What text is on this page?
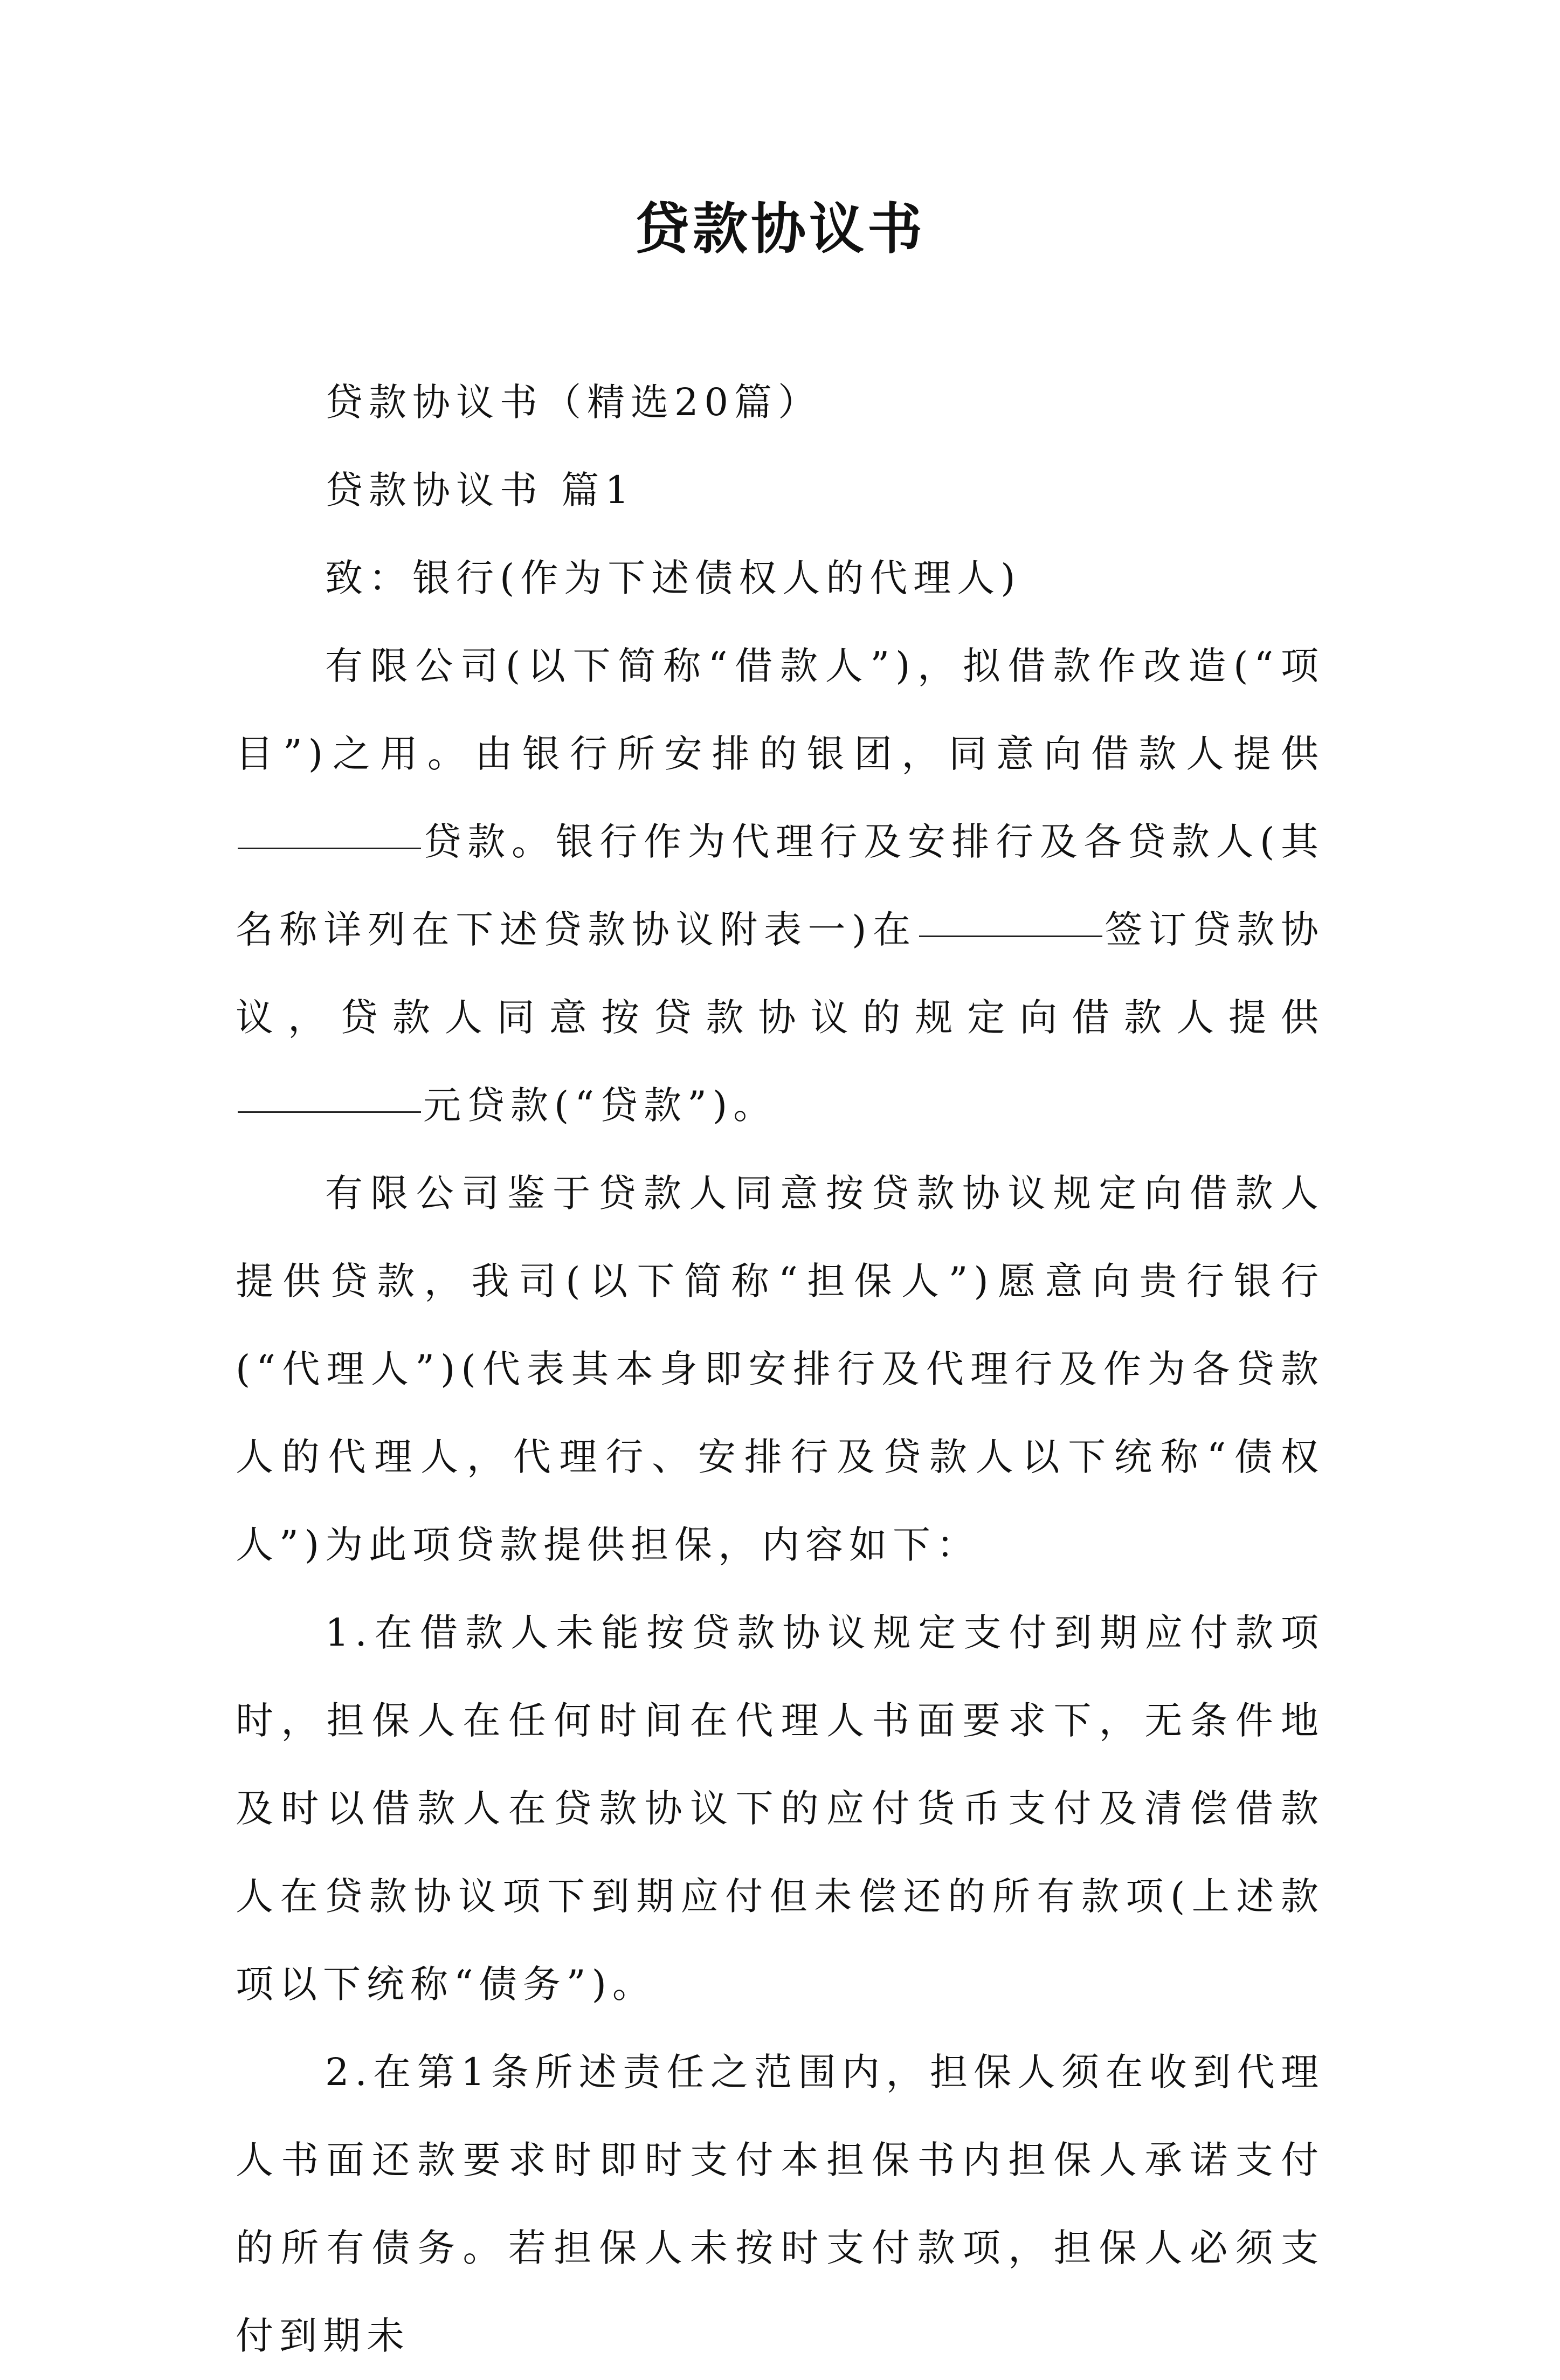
贷款协议书

贷款协议书（精选20篇）

贷款协议书 篇1

致：银行(作为下述债权人的代理人)

有限公司(以下简称“借款人”)，拟借款作改造(“项目”)之用。由银行所安排的银团，同意向借款人提供贷款。银行作为代理行及安排行及各贷款人(其名称详列在下述贷款协议附表一)在	签订贷款协议，贷款人同意按贷款协议的规定向借款人提供元贷款(“贷款”)。

有限公司鉴于贷款人同意按贷款协议规定向借款人提供贷款，我司(以下简称“担保人”)愿意向贵行银行(“代理人”)(代表其本身即安排行及代理行及作为各贷款人的代理人，代理行、安排行及贷款人以下统称“债权人”)为此项贷款提供担保，内容如下：

1.在借款人未能按贷款协议规定支付到期应付款项时，担保人在任何时间在代理人书面要求下，无条件地及时以借款人在贷款协议下的应付货币支付及清偿借款人在贷款协议项下到期应付但未偿还的所有款项(上述款项以下统称“债务”)。

2.在第1条所述责任之范围内，担保人须在收到代理人书面还款要求时即时支付本担保书内担保人承诺支付的所有债务。若担保人未按时支付款项，担保人必须支付到期未
